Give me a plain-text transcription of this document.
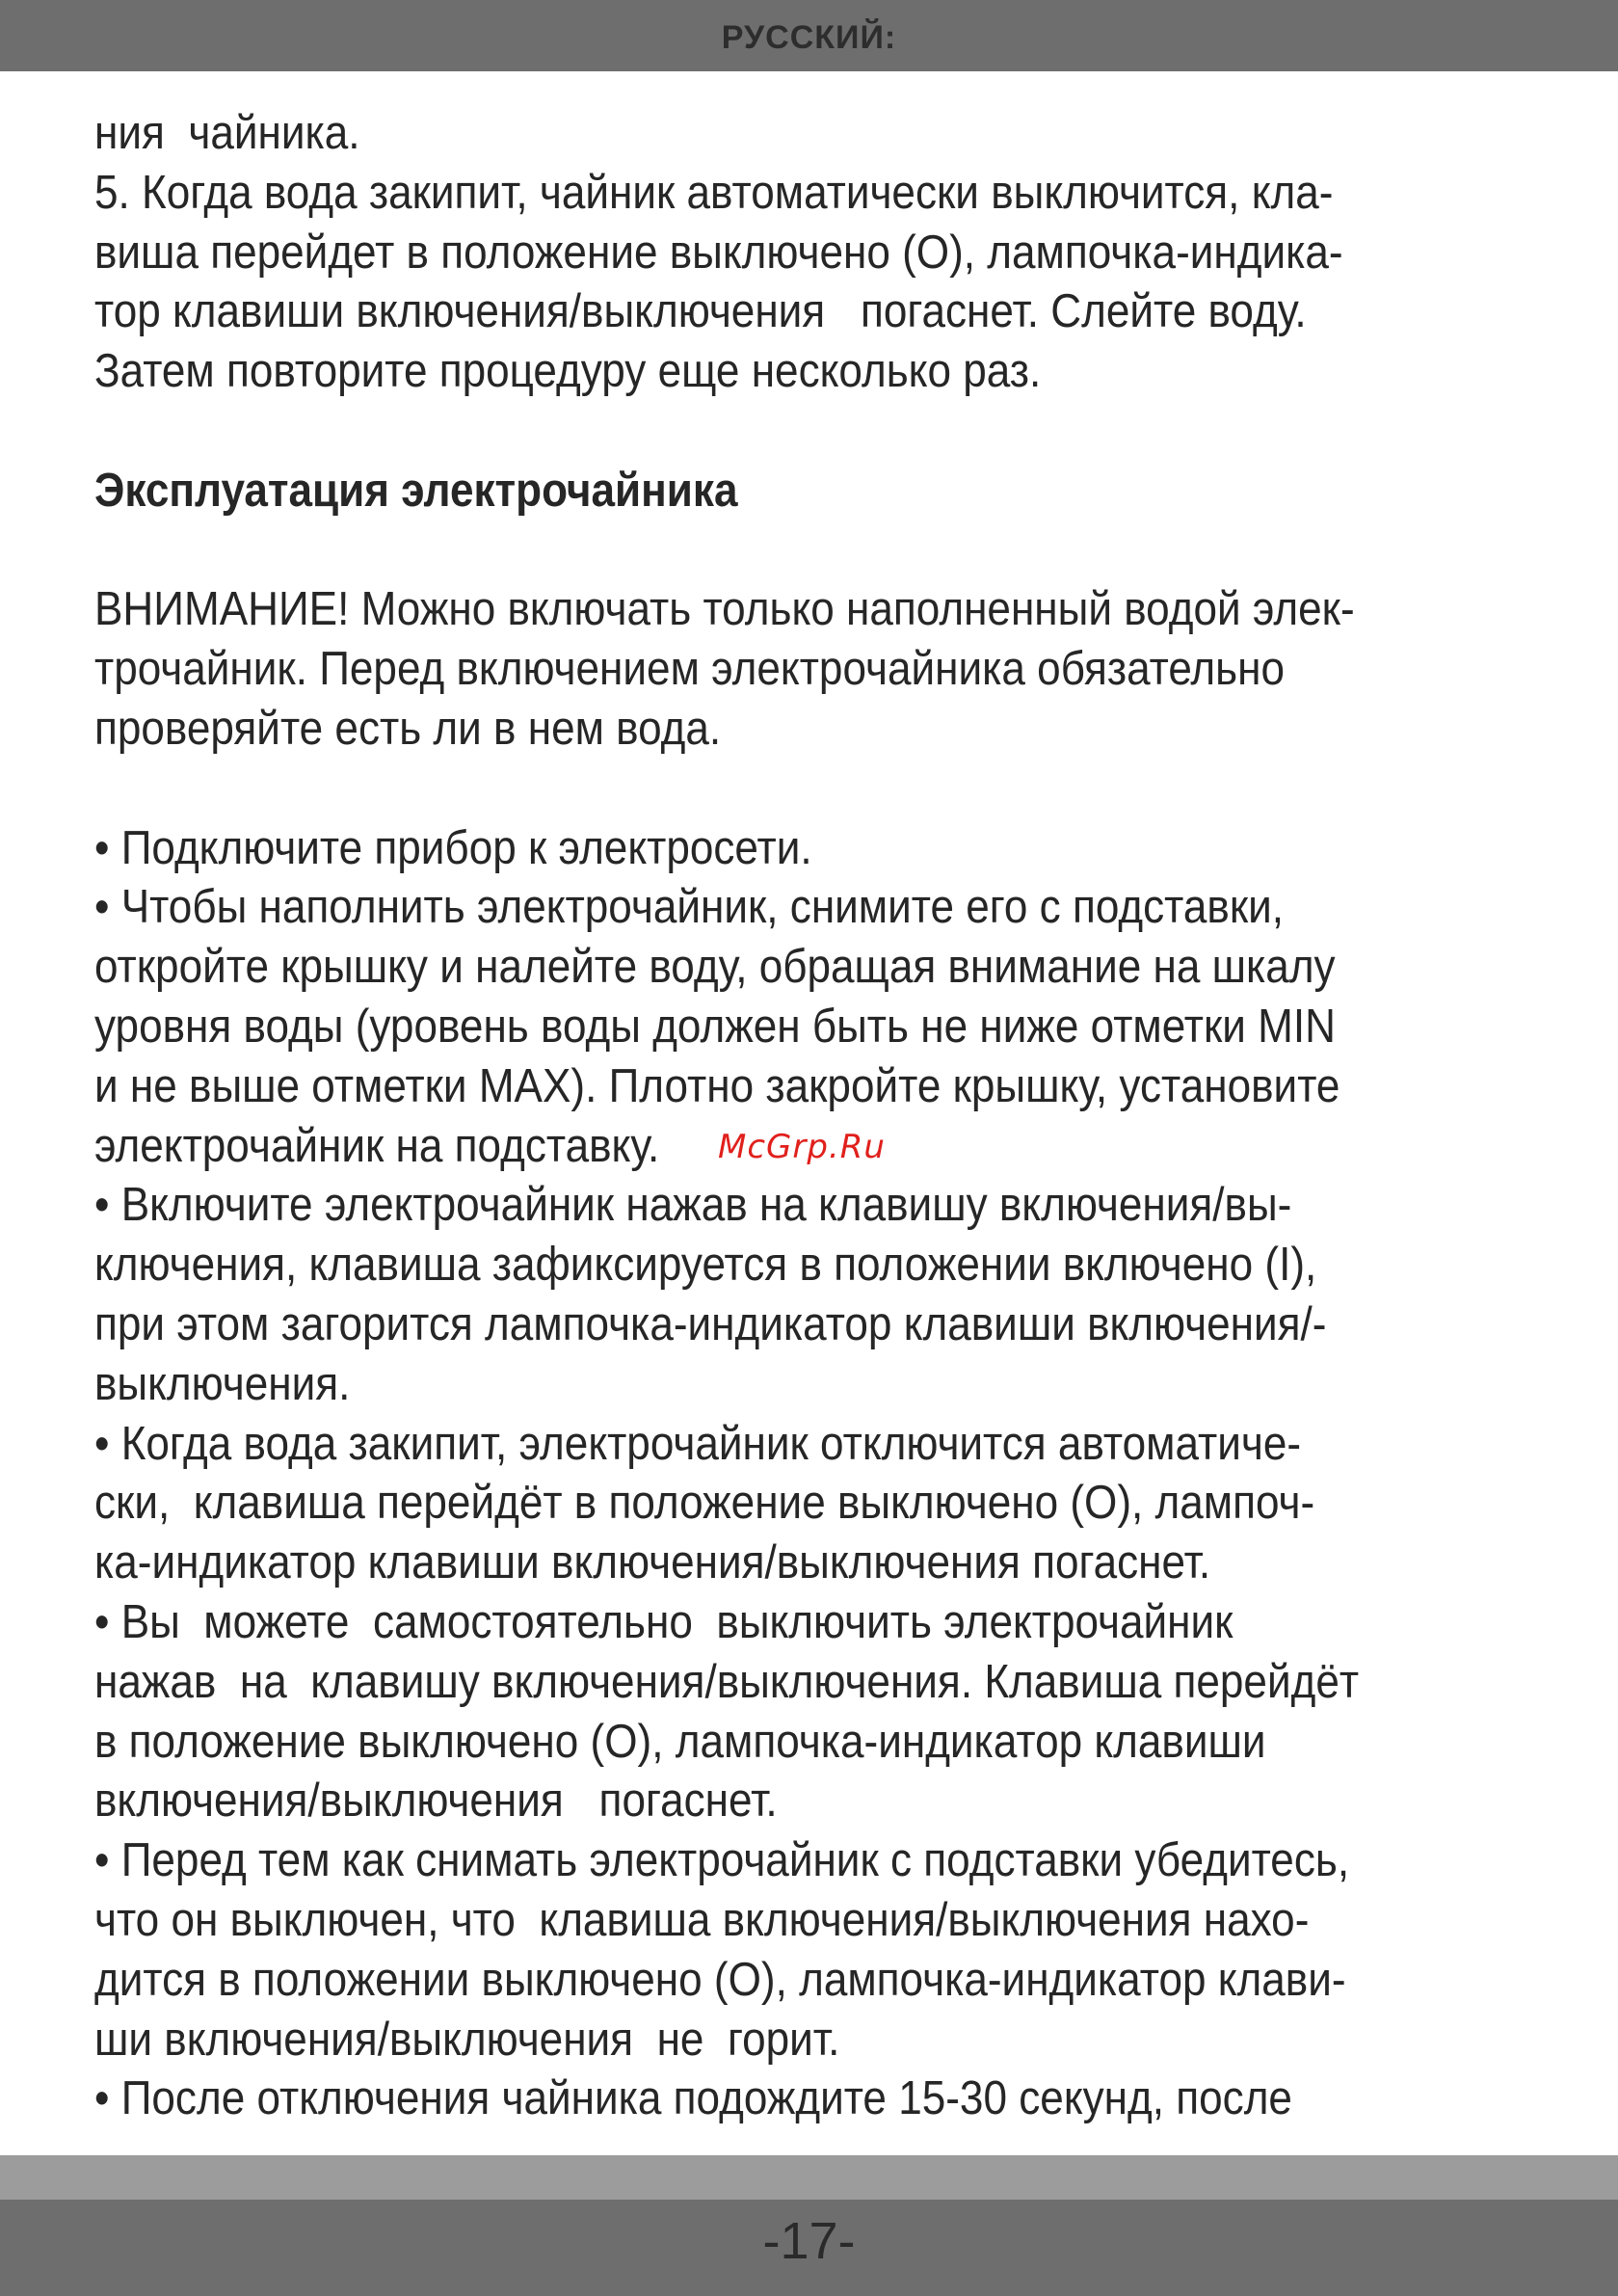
РУССКИЙ:
ния  чайника.
5. Когда вода закипит, чайник автоматически выключится, кла-
виша перейдет в положение выключено (О), лампочка-индика-
тор клавиши включения/выключения   погаснет. Слейте воду.
Затем повторите процедуру еще несколько раз.
Эксплуатация электрочайника
ВНИМАНИЕ! Можно включать только наполненный водой элек-
трочайник. Перед включением электрочайника обязательно
проверяйте есть ли в нем вода.
• Подключите прибор к электросети.
• Чтобы наполнить электрочайник, снимите его с подставки,
откройте крышку и налейте воду, обращая внимание на шкалу
уровня воды (уровень воды должен быть не ниже отметки MIN
и не выше отметки MAX). Плотно закройте крышку, установите
электрочайник на подставку.
• Включите электрочайник нажав на клавишу включения/вы-
ключения, клавиша зафиксируется в положении включено (I),
при этом загорится лампочка-индикатор клавиши включения/-
выключения.
• Когда вода закипит, электрочайник отключится автоматиче-
ски,  клавиша перейдёт в положение выключено (О), лампоч-
ка-индикатор клавиши включения/выключения погаснет.
• Вы  можете  самостоятельно  выключить электрочайник
нажав  на  клавишу включения/выключения. Клавиша перейдёт
в положение выключено (О), лампочка-индикатор клавиши
включения/выключения   погаснет.
• Перед тем как снимать электрочайник с подставки убедитесь,
что он выключен, что  клавиша включения/выключения нахо-
дится в положении выключено (О), лампочка-индикатор клави-
ши включения/выключения  не  горит.
• После отключения чайника подождите 15-30 секунд, после
McGrp.Ru
-17-
